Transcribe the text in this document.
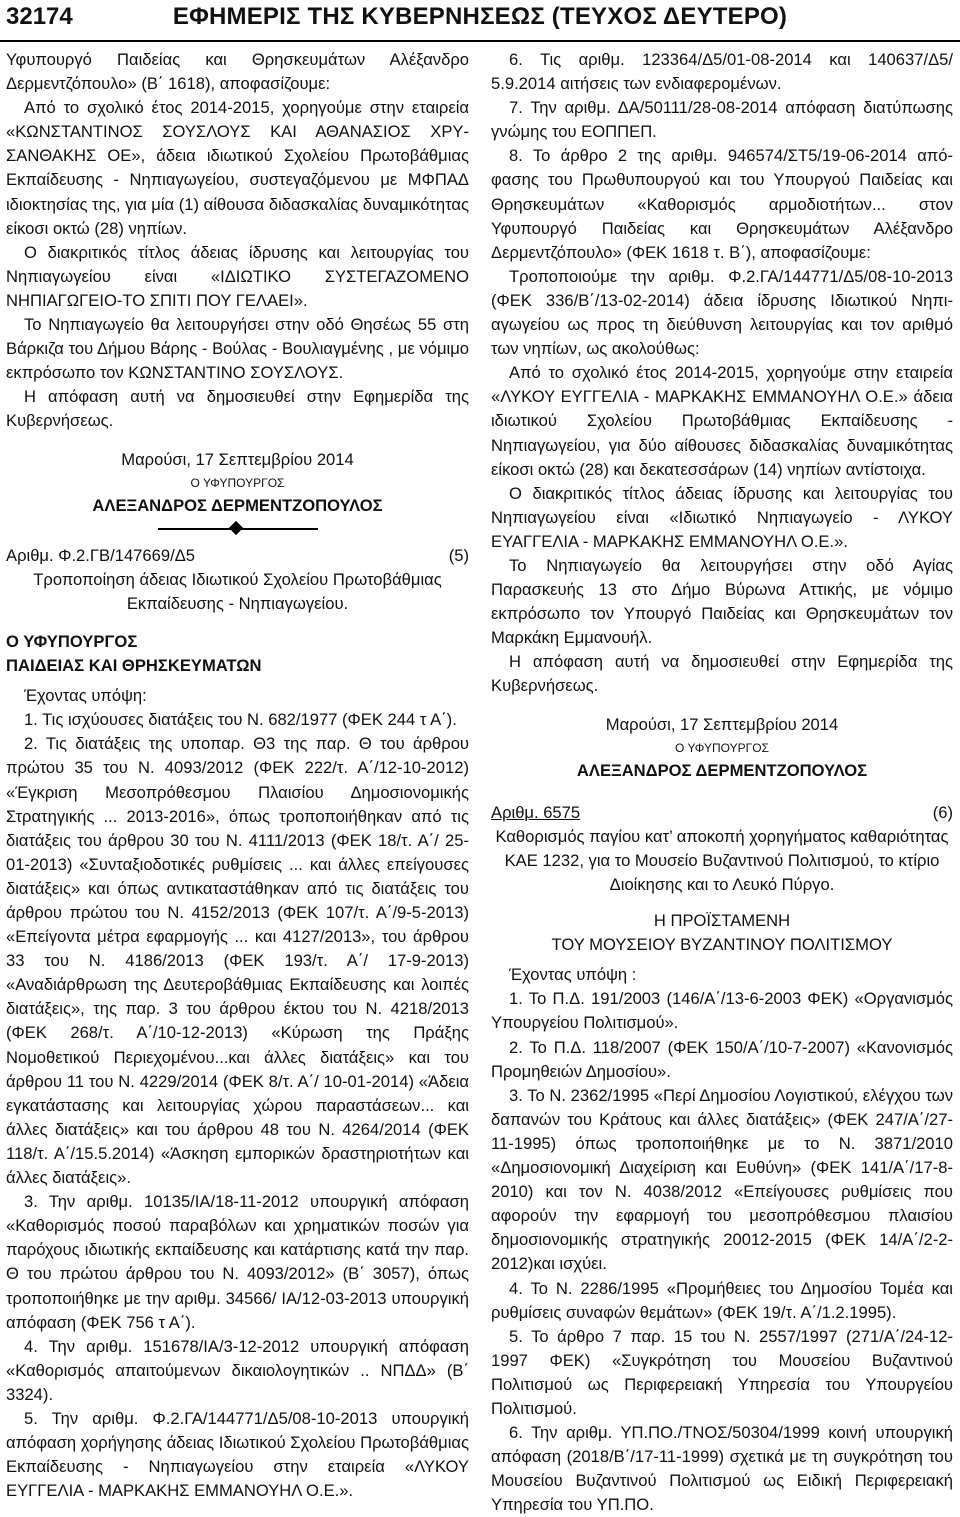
32174	ΕΦΗΜΕΡΙΣ ΤΗΣ ΚΥΒΕΡΝΗΣΕΩΣ (ΤΕΥΧΟΣ ΔΕΥΤΕΡΟ)

Υφυπουργό Παιδείας και Θρησκευμάτων Αλέξανδρο Δερμεντζόπουλο» (Β΄ 1618), αποφασίζουμε:

Από το σχολικό έτος 2014-2015, χορηγούμε στην εταιρεία «ΚΩΝΣΤΑΝΤΙΝΟΣ ΣΟΥΣΛΟΥΣ ΚΑΙ ΑΘΑΝΑΣΙΟΣ ΧΡΥΣΑΝΘΑΚΗΣ ΟΕ», άδεια ιδιωτικού Σχολείου Πρωτοβάθμιας Εκπαίδευσης - Νηπιαγωγείου, συστεγαζόμενου με ΜΦΠΑΔ ιδιοκτησίας της, για μία (1) αίθουσα διδασκαλίας δυναμικότητας είκοσι οκτώ (28) νηπίων.

Ο διακριτικός τίτλος άδειας ίδρυσης και λειτουργίας του Νηπιαγωγείου είναι «ΙΔΙΩΤΙΚΟ ΣΥΣΤΕΓΑΖΟΜΕΝΟ ΝΗΠΙΑΓΩΓΕΙΟ-ΤΟ ΣΠΙΤΙ ΠΟΥ ΓΕΛΑΕΙ».

Το Νηπιαγωγείο θα λειτουργήσει στην οδό Θησέως 55 στη Βάρκιζα του Δήμου Βάρης - Βούλας - Βουλιαγμένης , με νόμιμο εκπρόσωπο τον ΚΩΝΣΤΑΝΤΙΝΟ ΣΟΥΣΛΟΥΣ.

Η απόφαση αυτή να δημοσιευθεί στην Εφημερίδα της Κυβερνήσεως.

Μαρούσι, 17 Σεπτεμβρίου 2014

Ο ΥΦΥΠΟΥΡΓΟΣ

ΑΛΕΞΑΝΔΡΟΣ ΔΕΡΜΕΝΤΖΟΠΟΥΛΟΣ

Αριθμ. Φ.2.ΓΒ/147669/Δ5	(5)

Τροποποίηση άδειας Ιδιωτικού Σχολείου Πρωτοβάθμιας Εκπαίδευσης - Νηπιαγωγείου.

Ο ΥΦΥΠΟΥΡΓΟΣ

ΠΑΙΔΕΙΑΣ ΚΑΙ ΘΡΗΣΚΕΥΜΑΤΩΝ

Έχοντας υπόψη:

1. Τις ισχύουσες διατάξεις του Ν. 682/1977 (ΦΕΚ 244 τ Α΄).

2. Τις διατάξεις της υποπαρ. Θ3 της παρ. Θ του άρθρου πρώτου 35 του Ν. 4093/2012 (ΦΕΚ 222/τ. Α΄/12-10-2012) «Έγκριση Μεσοπρόθεσμου Πλαισίου Δημοσιονομικής Στρατηγικής ... 2013-2016», όπως τροποποιήθηκαν από τις διατάξεις του άρθρου 30 του Ν. 4111/2013 (ΦΕΚ 18/τ. Α΄/ 25-01-2013) «Συνταξιοδοτικές ρυθμίσεις ... και άλλες επείγουσες διατάξεις» και όπως αντικαταστάθηκαν από τις διατάξεις του άρθρου πρώτου του Ν. 4152/2013 (ΦΕΚ 107/τ. Α΄/9-5-2013) «Επείγοντα μέτρα εφαρμογής ... και 4127/2013», του άρθρου 33 του Ν. 4186/2013 (ΦΕΚ 193/τ. Α΄/ 17-9-2013) «Αναδιάρθρωση της Δευτεροβάθμιας Εκπαίδευσης και λοιπές διατάξεις», της παρ. 3 του άρθρου έκτου του Ν. 4218/2013 (ΦΕΚ 268/τ. Α΄/10-12-2013) «Κύρωση της Πράξης Νομοθετικού Περιεχομένου...και άλλες διατάξεις» και του άρθρου 11 του Ν. 4229/2014 (ΦΕΚ 8/τ. Α΄/ 10-01-2014) «Άδεια εγκατάστασης και λειτουργίας χώρου παραστάσεων... και άλλες διατάξεις» και του άρθρου 48 του Ν. 4264/2014 (ΦΕΚ 118/τ. Α΄/15.5.2014) «Άσκηση εμπορικών δραστηριοτήτων και άλλες διατάξεις».

3. Την αριθμ. 10135/ΙΑ/18-11-2012 υπουργική απόφαση «Καθορισμός ποσού παραβόλων και χρηματικών ποσών για παρόχους ιδιωτικής εκπαίδευσης και κατάρτισης κατά την παρ. Θ του πρώτου άρθρου του Ν. 4093/2012» (Β΄ 3057), όπως τροποποιήθηκε με την αριθμ. 34566/ ΙΑ/12-03-2013 υπουργική απόφαση (ΦΕΚ 756 τ Α΄).

4. Την αριθμ. 151678/ΙΑ/3-12-2012 υπουργική απόφαση «Καθορισμός απαιτούμενων δικαιολογητικών .. ΝΠΔΔ» (Β΄ 3324).

5. Την αριθμ. Φ.2.ΓΑ/144771/Δ5/08-10-2013 υπουργική απόφαση χορήγησης άδειας Ιδιωτικού Σχολείου Πρωτοβάθμιας Εκπαίδευσης - Νηπιαγωγείου στην εταιρεία «ΛΥΚΟΥ ΕΥΓΓΕΛΙΑ - ΜΑΡΚΑΚΗΣ ΕΜΜΑΝΟΥΗΛ Ο.Ε.».

6. Τις αριθμ. 123364/Δ5/01-08-2014 και 140637/Δ5/ 5.9.2014 αιτήσεις των ενδιαφερομένων.

7. Την αριθμ. ΔΑ/50111/28-08-2014 απόφαση διατύπωσης γνώμης του ΕΟΠΠΕΠ.

8. Το άρθρο 2 της αριθμ. 946574/ΣΤ5/19-06-2014 απόφασης του Πρωθυπουργού και του Υπουργού Παιδείας και Θρησκευμάτων «Καθορισμός αρμοδιοτήτων... στον Υφυπουργό Παιδείας και Θρησκευμάτων Αλέξανδρο Δερμεντζόπουλο» (ΦΕΚ 1618 τ. Β΄), αποφασίζουμε:

Τροποποιούμε την αριθμ. Φ.2.ΓΑ/144771/Δ5/08-10-2013 (ΦΕΚ 336/Β΄/13-02-2014) άδεια ίδρυσης Ιδιωτικού Νηπιαγωγείου ως προς τη διεύθυνση λειτουργίας και τον αριθμό των νηπίων, ως ακολούθως:

Από το σχολικό έτος 2014-2015, χορηγούμε στην εταιρεία «ΛΥΚΟΥ ΕΥΓΓΕΛΙΑ - ΜΑΡΚΑΚΗΣ ΕΜΜΑΝΟΥΗΛ Ο.Ε.» άδεια ιδιωτικού Σχολείου Πρωτοβάθμιας Εκπαίδευσης - Νηπιαγωγείου, για δύο αίθουσες διδασκαλίας δυναμικότητας είκοσι οκτώ (28) και δεκατεσσάρων (14) νηπίων αντίστοιχα.

Ο διακριτικός τίτλος άδειας ίδρυσης και λειτουργίας του Νηπιαγωγείου είναι «Ιδιωτικό Νηπιαγωγείο - ΛΥΚΟΥ ΕΥΑΓΓΕΛΙΑ - ΜΑΡΚΑΚΗΣ ΕΜΜΑΝΟΥΗΛ Ο.Ε.».

Το Νηπιαγωγείο θα λειτουργήσει στην οδό Αγίας Παρασκευής 13 στο Δήμο Βύρωνα Αττικής, με νόμιμο εκπρόσωπο τον Υπουργό Παιδείας και Θρησκευμάτων τον Μαρκάκη Εμμανουήλ.

Η απόφαση αυτή να δημοσιευθεί στην Εφημερίδα της Κυβερνήσεως.

Μαρούσι, 17 Σεπτεμβρίου 2014

Ο ΥΦΥΠΟΥΡΓΟΣ

ΑΛΕΞΑΝΔΡΟΣ ΔΕΡΜΕΝΤΖΟΠΟΥΛΟΣ

Αριθμ. 6575	(6)

Καθορισμός παγίου κατ’ αποκοπή χορηγήματος καθαριότητας ΚΑΕ 1232, για το Μουσείο Βυζαντινού Πολιτισμού, το κτίριο Διοίκησης και το Λευκό Πύργο.

Η ΠΡΟΪΣΤΑΜΕΝΗ

ΤΟΥ ΜΟΥΣΕΙΟΥ ΒΥΖΑΝΤΙΝΟΥ ΠΟΛΙΤΙΣΜΟΥ

Έχοντας υπόψη :

1. Το Π.Δ. 191/2003 (146/Α΄/13-6-2003 ΦΕΚ) «Οργανισμός Υπουργείου Πολιτισμού».

2. Το Π.Δ. 118/2007 (ΦΕΚ 150/Α΄/10-7-2007) «Κανονισμός Προμηθειών Δημοσίου».

3. Το Ν. 2362/1995 «Περί Δημοσίου Λογιστικού, ελέγχου των δαπανών του Κράτους και άλλες διατάξεις» (ΦΕΚ 247/Α΄/27-11-1995) όπως τροποποιήθηκε με το Ν. 3871/2010 «Δημοσιονομική Διαχείριση και Ευθύνη» (ΦΕΚ 141/Α΄/17-8-2010) και τον Ν. 4038/2012 «Επείγουσες ρυθμίσεις που αφορούν την εφαρμογή του μεσοπρόθεσμου πλαισίου δημοσιονομικής στρατηγικής 20012-2015 (ΦΕΚ 14/Α΄/2-2-2012)και ισχύει.

4. Το Ν. 2286/1995 «Προμήθειες του Δημοσίου Τομέα και ρυθμίσεις συναφών θεμάτων» (ΦΕΚ 19/τ. Α΄/1.2.1995).

5. Το άρθρο 7 παρ. 15 του Ν. 2557/1997 (271/Α΄/24-12-1997 ΦΕΚ) «Συγκρότηση του Μουσείου Βυζαντινού Πολιτισμού ως Περιφερειακή Υπηρεσία του Υπουργείου Πολιτισμού.

6. Την αριθμ. ΥΠ.ΠΟ./ΤΝΟΣ/50304/1999 κοινή υπουργική απόφαση (2018/Β΄/17-11-1999) σχετικά με τη συγκρότηση του Μουσείου Βυζαντινού Πολιτισμού ως Ειδική Περιφερειακή Υπηρεσία του ΥΠ.ΠΟ.
